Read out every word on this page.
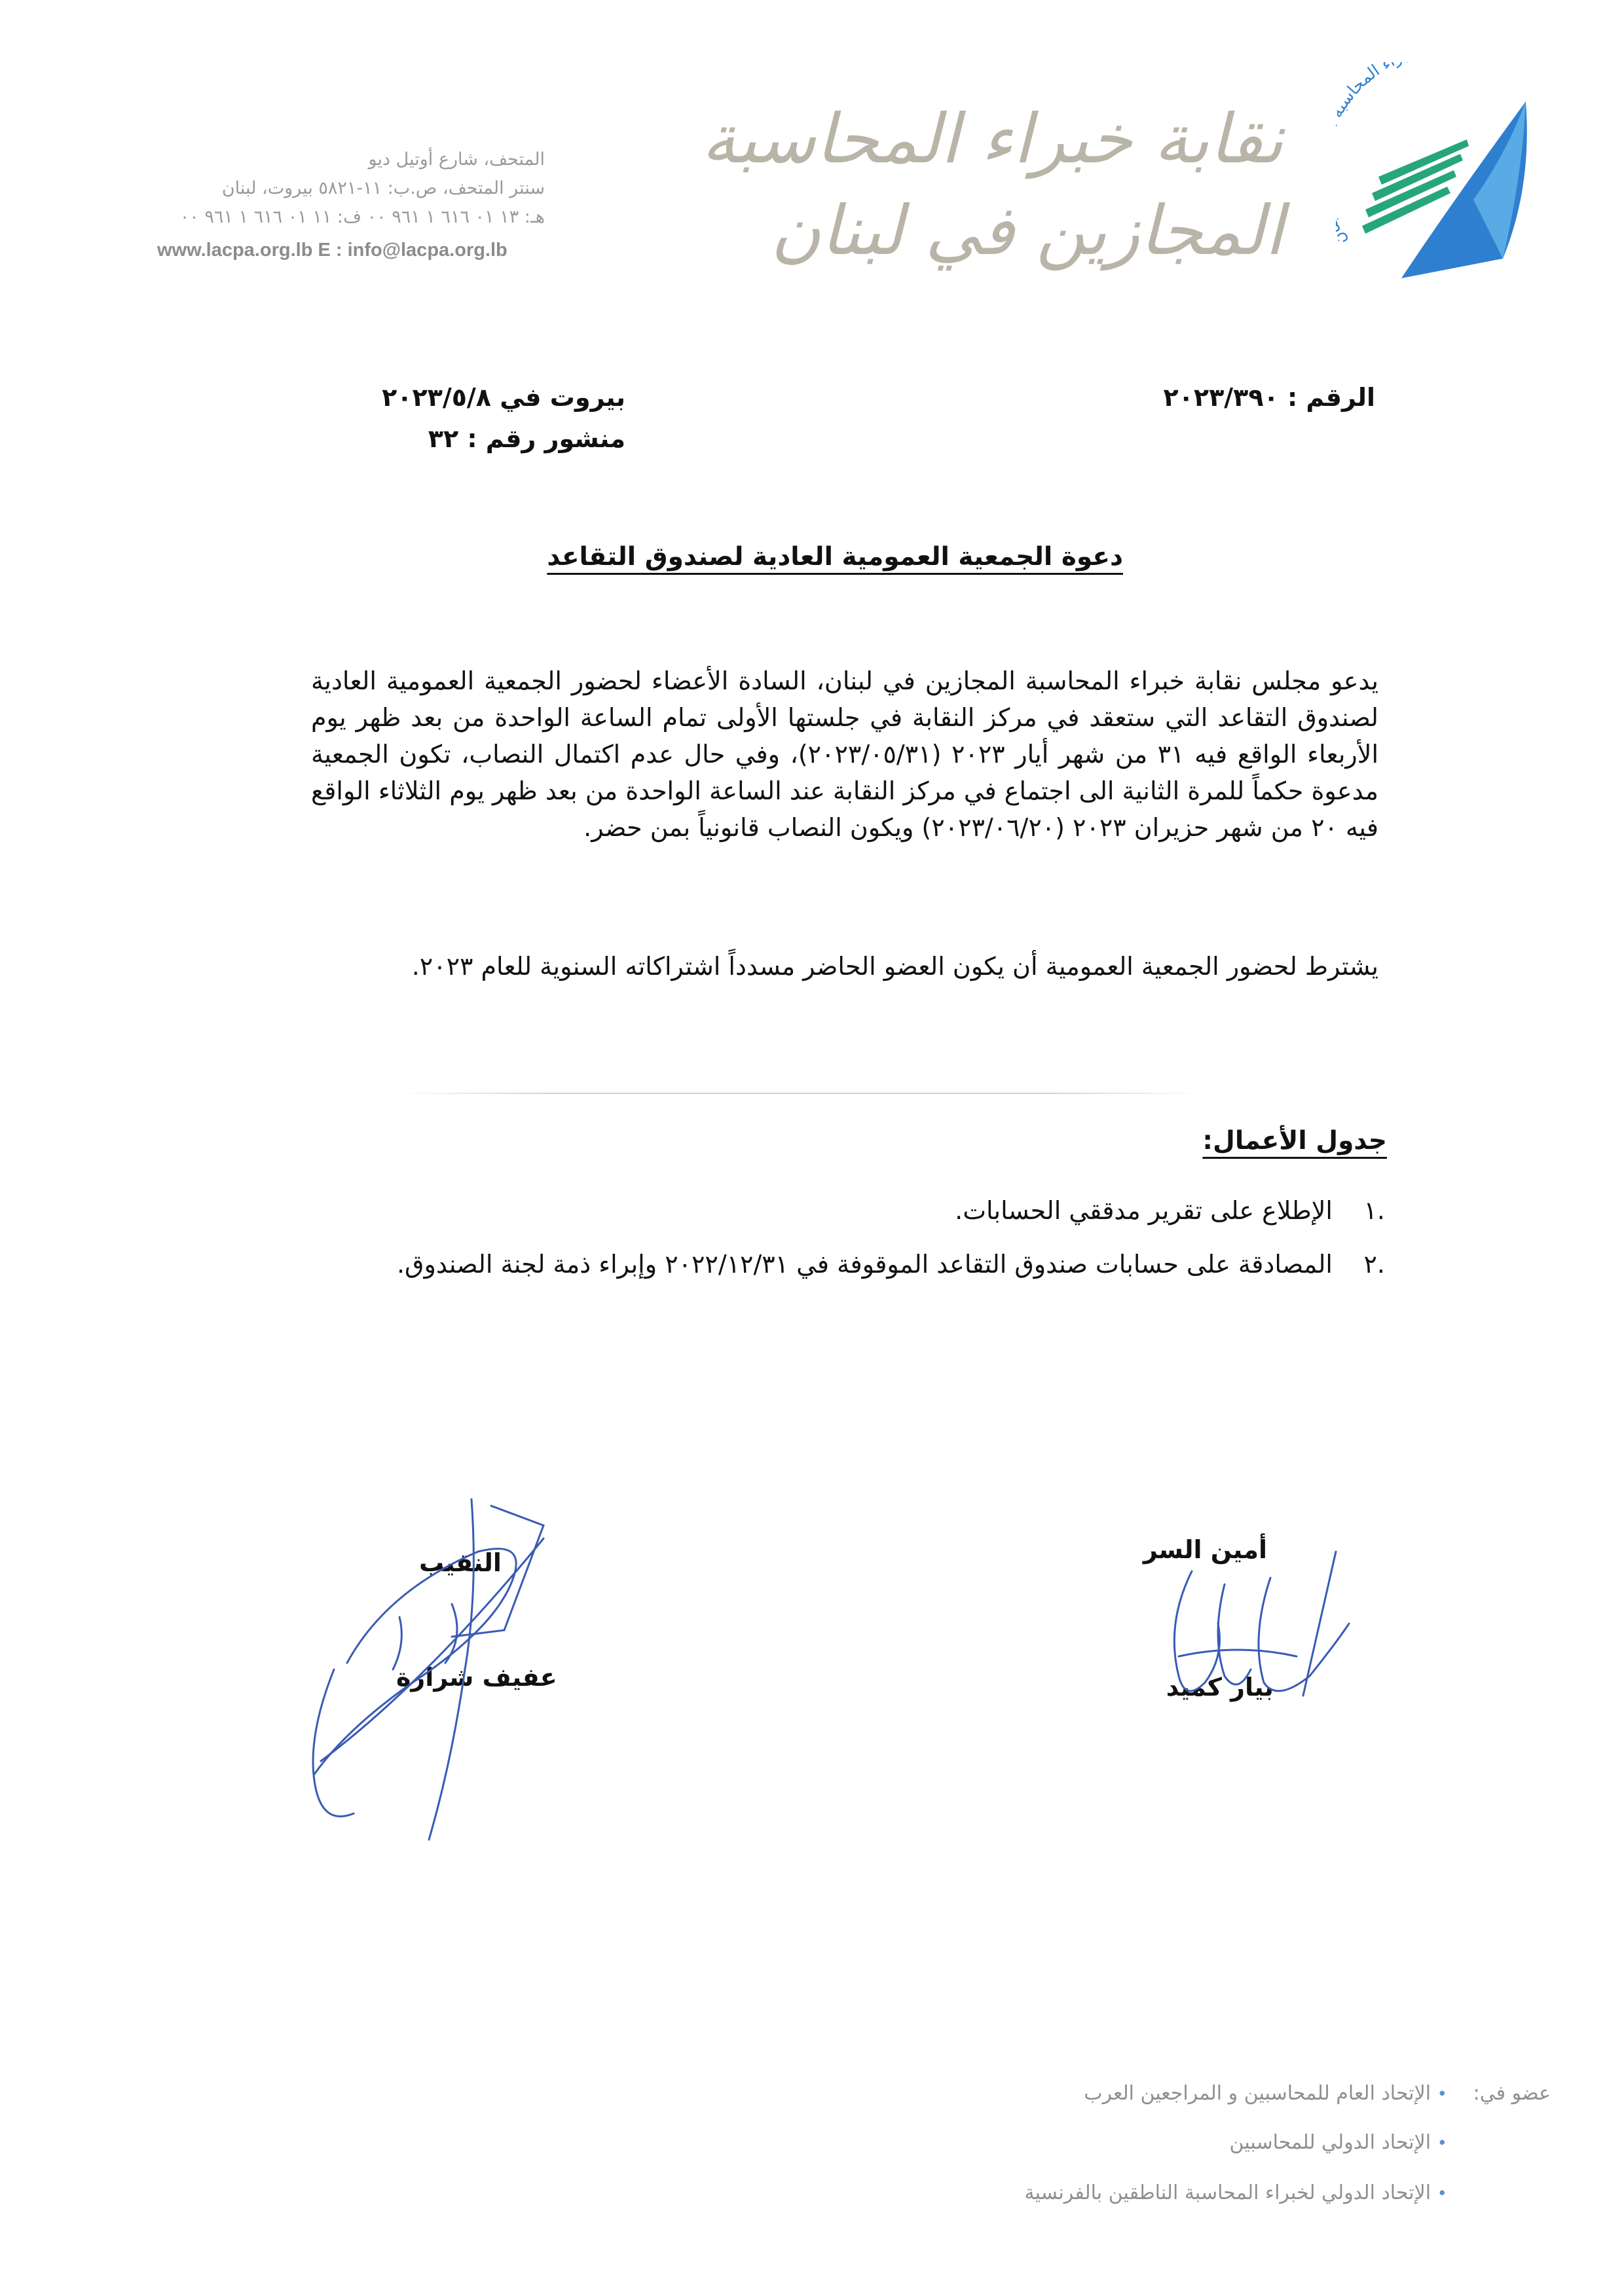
ء المحاس
نقابة خبراء المحاسبة
المجازين في لبنان
المتحف، شارع أوتيل ديو
سنتر المتحف، ص.ب: ١١-٥٨٢١ بيروت، لبنان
هـ: ١٣ ٠١ ٦١٦ ١ ٩٦١ ٠٠ ف: ١١ ٠١ ٦١٦ ١ ٩٦١ ٠٠
www.lacpa.org.lb E : info@lacpa.org.lb
الرقم : ٢٠٢٣/٣٩٠
بيروت في ٢٠٢٣/٥/٨
منشور رقم : ٣٢
دعوة الجمعية العمومية العادية لصندوق التقاعد
يدعو مجلس نقابة خبراء المحاسبة المجازين في لبنان، السادة الأعضاء لحضور الجمعية العمومية العادية لصندوق التقاعد التي ستعقد في مركز النقابة في جلستها الأولى تمام الساعة الواحدة من بعد ظهر يوم الأربعاء الواقع فيه ٣١ من شهر أيار ٢٠٢٣ (٢٠٢٣/٠٥/٣١)، وفي حال عدم اكتمال النصاب، تكون الجمعية مدعوة حكماً للمرة الثانية الى اجتماع في مركز النقابة عند الساعة الواحدة من بعد ظهر يوم الثلاثاء الواقع فيه ٢٠ من شهر حزيران ٢٠٢٣ (٢٠٢٣/٠٦/٢٠) ويكون النصاب قانونياً بمن حضر.
يشترط لحضور الجمعية العمومية أن يكون العضو الحاضر مسدداً اشتراكاته السنوية للعام ٢٠٢٣.
جدول الأعمال:
.١
الإطلاع على تقرير مدققي الحسابات.
.٢
المصادقة على حسابات صندوق التقاعد الموقوفة في ٢٠٢٢/١٢/٣١ وإبراء ذمة لجنة الصندوق.
النقيب
عفيف شرارة
أمين السر
بيار كميد
عضو في:
• الإتحاد العام للمحاسبين و المراجعين العرب
• الإتحاد الدولي للمحاسبين
• الإتحاد الدولي لخبراء المحاسبة الناطقين بالفرنسية
